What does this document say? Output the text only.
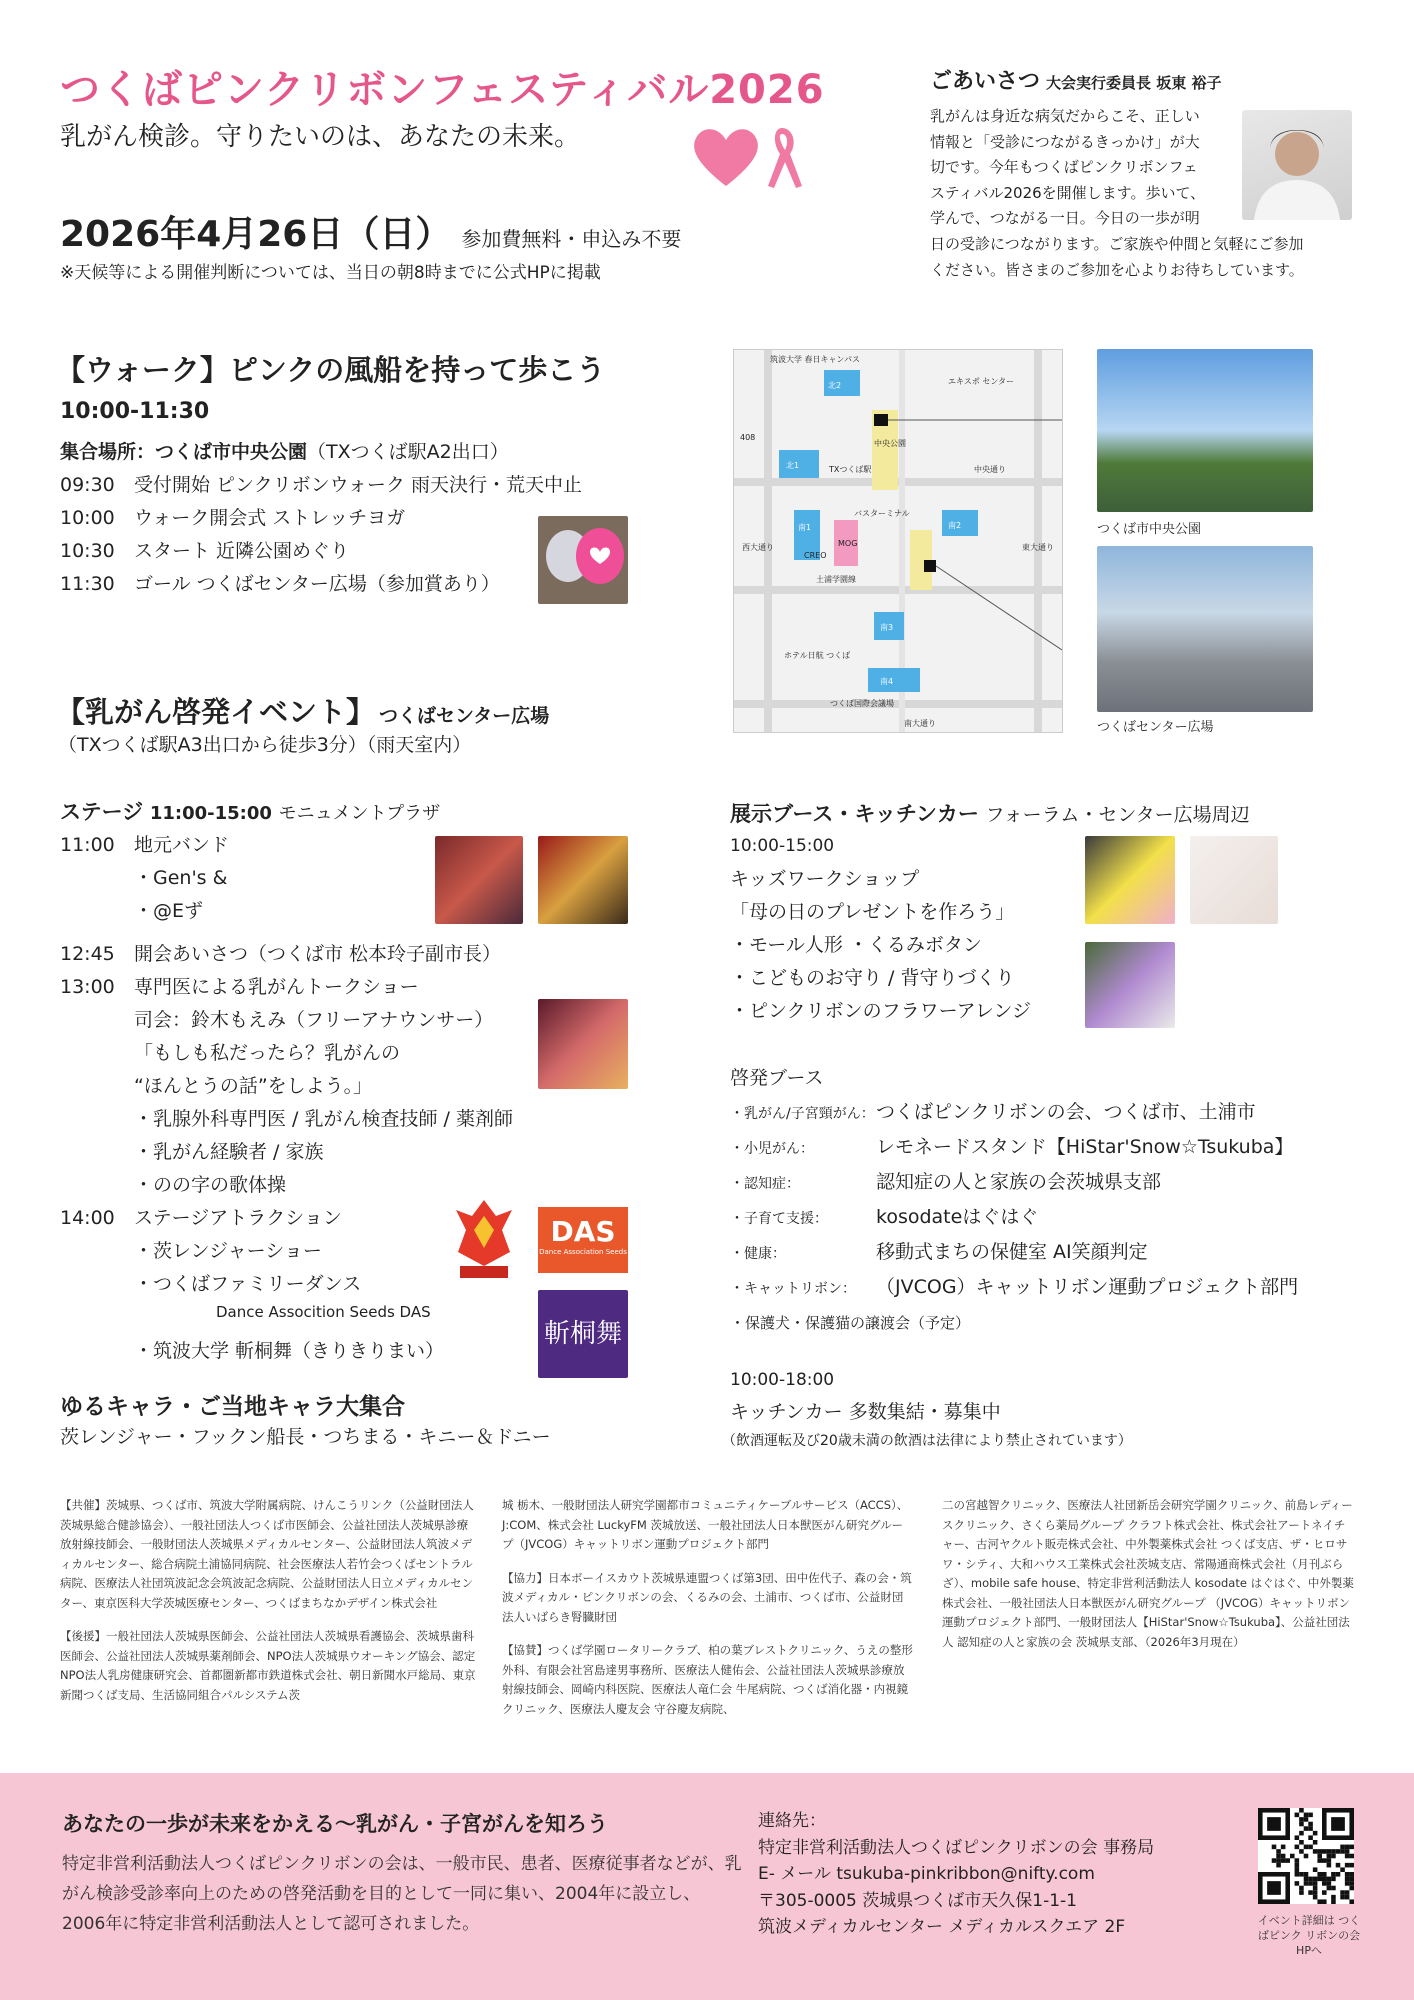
つくばピンクリボンフェスティバル2026
乳がん検診。守りたいのは、あなたの未来。
2026年4月26日（日） 参加費無料・申込み不要
※天候等による開催判断については、当日の朝8時までに公式HPに掲載
ごあいさつ 大会実行委員長 坂東 裕子
乳がんは身近な病気だからこそ、正しい
情報と「受診につながるきっかけ」が大
切です。今年もつくばピンクリボンフェ
スティバル2026を開催します。歩いて、
学んで、つながる一日。今日の一歩が明
日の受診につながります。ご家族や仲間と気軽にご参加
ください。皆さまのご参加を心よりお待ちしています。
【ウォーク】ピンクの風船を持って歩こう
10:00-11:30
集合場所：つくば市中央公園（TXつくば駅A2出口）
09:30 受付開始 ピンクリボンウォーク 雨天決行・荒天中止
10:00 ウォーク開会式 ストレッチヨガ
10:30 スタート 近隣公園めぐり
11:30 ゴール つくばセンター広場（参加賞あり）
筑波大学 春日キャンパス
北2	エキスポ センター
北1
中央公園
TXつくば駅	中央通り
西大通り	東大通り
南1
MOG
CREO
バスターミナル
南2
土浦学園線
南3
ホテル日航 つくば
南4
つくば国際会議場
南大通り
408
つくば市中央公園
つくばセンター広場
【乳がん啓発イベント】 つくばセンター広場
（TXつくば駅A3出口から徒歩3分）（雨天室内）
ステージ 11:00-15:00 モニュメントプラザ
11:00 地元バンド
・Gen's &
・@Eず
12:45 開会あいさつ（つくば市 松本玲子副市長）
13:00 専門医による乳がんトークショー
司会：鈴木もえみ（フリーアナウンサー）
「もしも私だったら？乳がんの
“ほんとうの話”をしよう。」
・乳腺外科専門医 / 乳がん検査技師 / 薬剤師
・乳がん経験者 / 家族
・のの字の歌体操
14:00 ステージアトラクション
・茨レンジャーショー
・つくばファミリーダンス
Dance Assocition Seeds DAS
・筑波大学 斬桐舞（きりきりまい）
DAS
Dance Association Seeds
斬桐舞
ゆるキャラ・ご当地キャラ大集合
茨レンジャー・フックン船長・つちまる・キニー＆ドニー
展示ブース・キッチンカー フォーラム・センター広場周辺
10:00-15:00
キッズワークショップ
「母の日のプレゼントを作ろう」
・モール人形 ・くるみボタン
・こどものお守り / 背守りづくり
・ピンクリボンのフラワーアレンジ
啓発ブース
・乳がん/子宮頸がん：つくばピンクリボンの会、つくば市、土浦市
・小児がん：	レモネードスタンド【HiStar'Snow☆Tsukuba】
・認知症：	認知症の人と家族の会茨城県支部
・子育て支援：	kosodateはぐはぐ
・健康：	移動式まちの保健室 AI笑顔判定
・キャットリボン： （JVCOG）キャットリボン運動プロジェクト部門
・保護犬・保護猫の譲渡会（予定）
10:00-18:00
キッチンカー 多数集結・募集中
（飲酒運転及び20歳未満の飲酒は法律により禁止されています）
【共催】茨城県、つくば市、筑波大学附属病院、けんこうリンク（公益財団法人茨城県総合健診協会）、一般社団法人つくば市医師会、公益社団法人茨城県診療放射線技師会、一般財団法人茨城県メディカルセンター、公益財団法人筑波メディカルセンター、総合病院土浦協同病院、社会医療法人若竹会つくばセントラル病院、医療法人社団筑波記念会筑波記念病院、公益財団法人日立メディカルセンター、東京医科大学茨城医療センター、つくばまちなかデザイン株式会社
【後援】一般社団法人茨城県医師会、公益社団法人茨城県看護協会、茨城県歯科医師会、公益社団法人茨城県薬剤師会、NPO法人茨城県ウオーキング協会、認定NPO法人乳房健康研究会、首都圏新都市鉄道株式会社、朝日新聞水戸総局、東京新聞つくば支局、生活協同組合パルシステム茨
城 栃木、一般財団法人研究学園都市コミュニティケーブルサービス（ACCS）、J:COM、株式会社 LuckyFM 茨城放送、一般社団法人日本獣医がん研究グループ（JVCOG）キャットリボン運動プロジェクト部門
【協力】日本ボーイスカウト茨城県連盟つくば第3団、田中佐代子、森の会・筑波メディカル・ピンクリボンの会、くるみの会、土浦市、つくば市、公益財団法人いばらき腎臓財団
【協賛】つくば学園ロータリークラブ、柏の葉ブレストクリニック、うえの整形外科、有限会社宮島達男事務所、医療法人健佑会、公益社団法人茨城県診療放射線技師会、岡崎内科医院、医療法人竜仁会 牛尾病院、つくば消化器・内視鏡クリニック、医療法人慶友会 守谷慶友病院、
二の宮越智クリニック、医療法人社団新岳会研究学園クリニック、前島レディースクリニック、さくら薬局グループ クラフト株式会社、株式会社アートネイチャー、古河ヤクルト販売株式会社、中外製薬株式会社 つくば支店、ザ・ヒロサワ・シティ、大和ハウス工業株式会社茨城支店、常陽通商株式会社（月刊ぶらざ）、mobile safe house、特定非営利活動法人 kosodate はぐはぐ、中外製薬株式会社、一般社団法人日本獣医がん研究グループ （JVCOG）キャットリボン運動プロジェクト部門、一般財団法人【HiStar'Snow☆Tsukuba】、公益社団法人 認知症の人と家族の会 茨城県支部、（2026年3月現在）
あなたの一歩が未来をかえる〜乳がん・子宮がんを知ろう
特定非営利活動法人つくばピンクリボンの会は、一般市民、患者、医療従事者などが、乳がん検診受診率向上のための啓発活動を目的として一同に集い、2004年に設立し、2006年に特定非営利活動法人として認可されました。
連絡先：
特定非営利活動法人つくばピンクリボンの会 事務局
E- メール tsukuba-pinkribbon@nifty.com
〒305-0005 茨城県つくば市天久保1-1-1
筑波メディカルセンター メディカルスクエア 2F	イベント詳細は つくばピンク リボンの会HPへ
